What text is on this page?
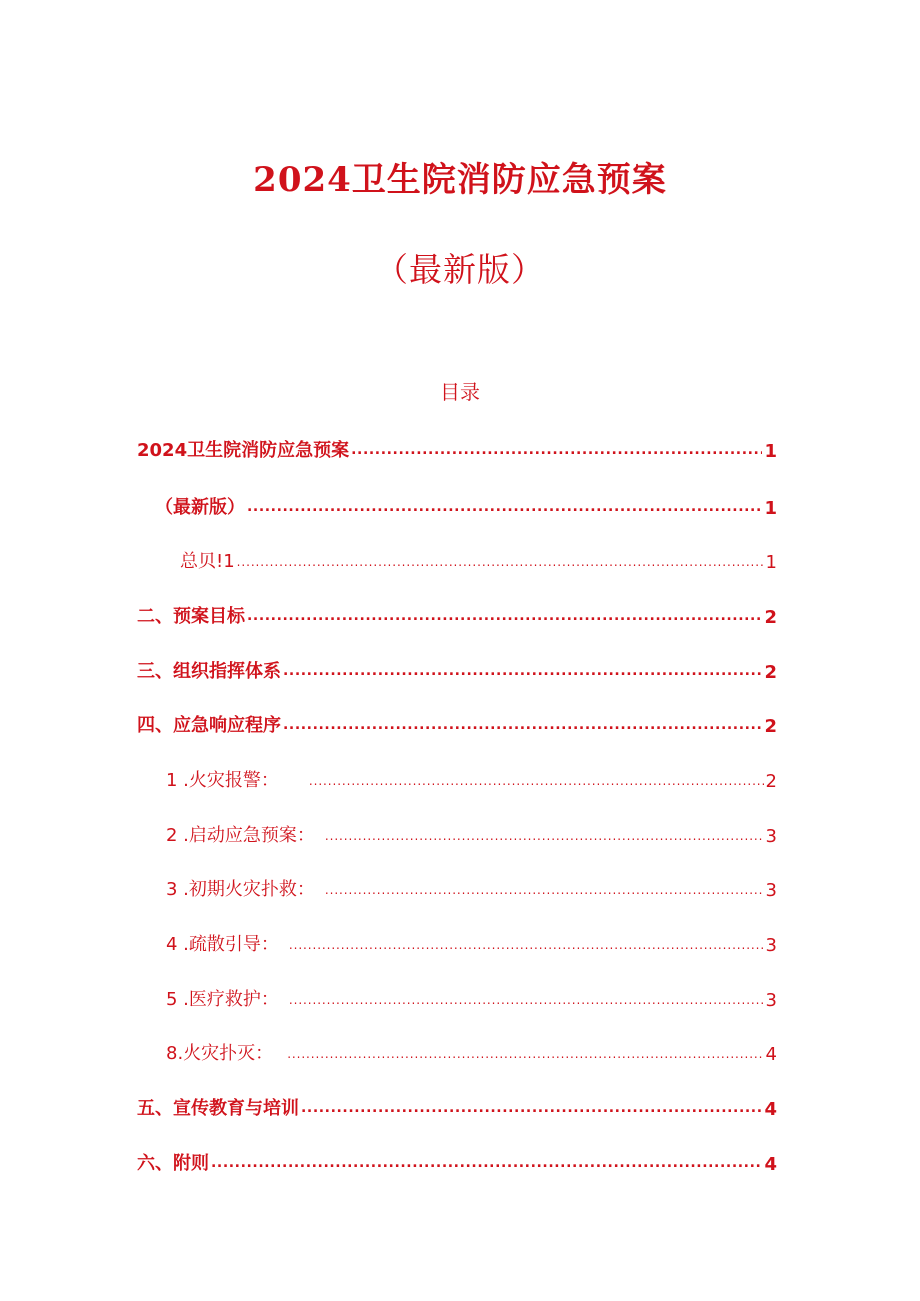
2024卫生院消防应急预案
（最新版）
目录
2024卫生院消防应急预案 .....	1
（最新版） .....	1
总贝!1 .....	1
二、预案目标 .....	2
三、组织指挥体系 .....	2
四、应急响应程序 .....	2
1 .火灾报警： .....	2
2 .启动应急预案： .....	3
3 .初期火灾扑救： .....	3
4 .疏散引导： .....	3
5 .医疗救护： .....	3
8.火灾扑灭： .....	4
五、宣传教育与培训 .....	4
六、附则 .....	4
